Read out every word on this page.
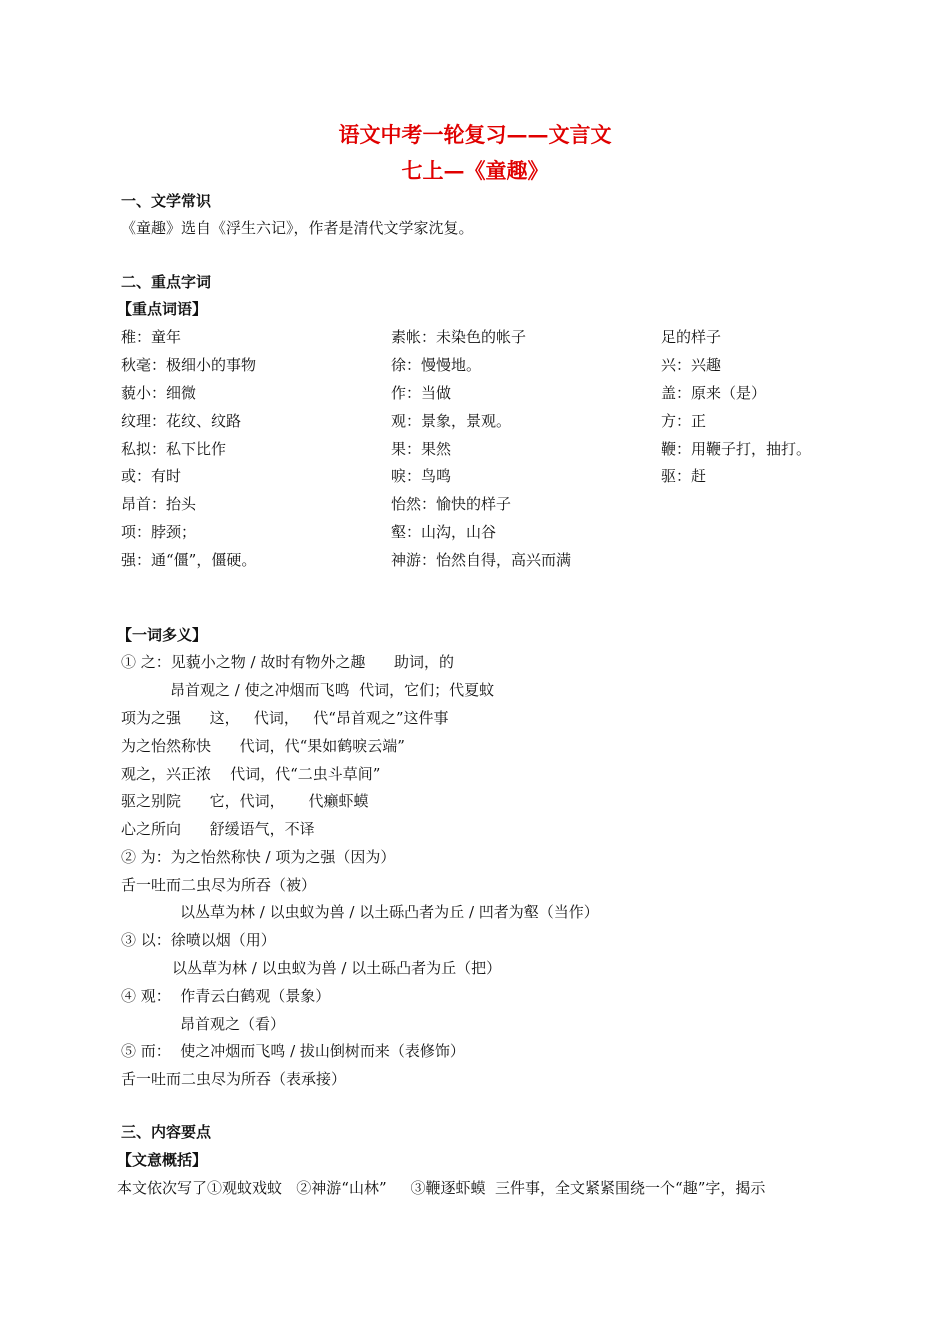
语文中考一轮复习——文言文
七上—《童趣》
一、文学常识
《童趣》选自《浮生六记》，作者是清代文学家沈复。
二、重点字词
【重点词语】
稚：童年
秋毫：极细小的事物
藐小：细微
纹理：花纹、纹路
私拟：私下比作
或：有时
昂首：抬头
项：脖颈；
强：通“僵”，僵硬。
素帐：未染色的帐子
徐：慢慢地。
作：当做
观：景象，景观。
果：果然
唳：鸟鸣
怡然：愉快的样子
壑：山沟，山谷
神游：怡然自得，高兴而满
足的样子
兴：兴趣
盖：原来（是）
方：正
鞭：用鞭子打，抽打。
驱：赶
【一词多义】
① 之：见藐小之物 / 故时有物外之趣      助词，的
昂首观之 / 使之冲烟而飞鸣  代词，它们；代夏蚊
项为之强      这，   代词，   代“昂首观之”这件事
为之怡然称快      代词，代“果如鹤唳云端”
观之，兴正浓    代词，代“二虫斗草间”
驱之别院      它，代词，     代癞虾蟆
心之所向      舒缓语气，不译
② 为：为之怡然称快 / 项为之强（因为）
舌一吐而二虫尽为所吞（被）
以丛草为林 / 以虫蚁为兽 / 以土砾凸者为丘 / 凹者为壑（当作）
③ 以：徐喷以烟（用）
以丛草为林 / 以虫蚁为兽 / 以土砾凸者为丘（把）
④ 观：  作青云白鹤观（景象）
昂首观之（看）
⑤ 而：  使之冲烟而飞鸣 / 拔山倒树而来（表修饰）
舌一吐而二虫尽为所吞（表承接）
三、内容要点
【文意概括】
本文依次写了①观蚊戏蚊   ②神游“山林”     ③鞭逐虾蟆  三件事，全文紧紧围绕一个“趣”字，揭示
